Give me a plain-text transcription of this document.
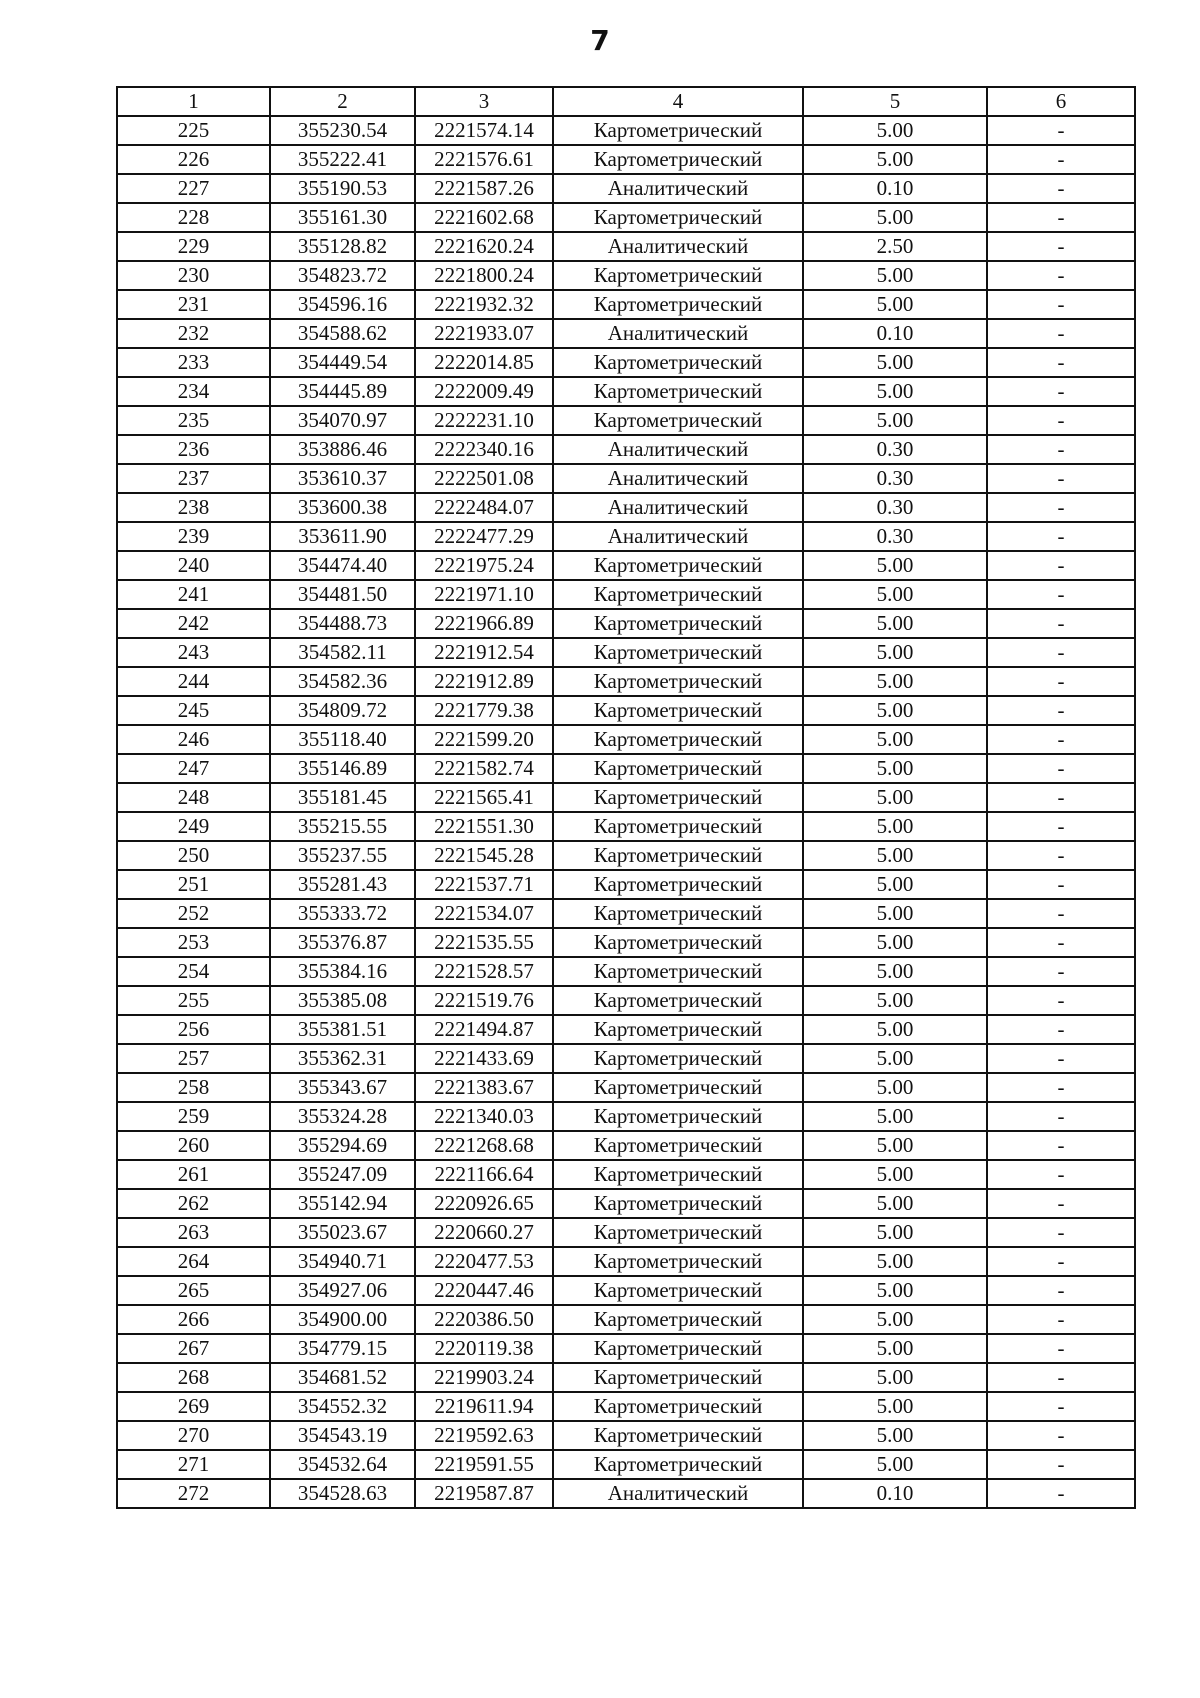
7
1	2	3	4	5	6
225	355230.54	2221574.14	Картометрический	5.00	-
226	355222.41	2221576.61	Картометрический	5.00	-
227	355190.53	2221587.26	Аналитический	0.10	-
228	355161.30	2221602.68	Картометрический	5.00	-
229	355128.82	2221620.24	Аналитический	2.50	-
230	354823.72	2221800.24	Картометрический	5.00	-
231	354596.16	2221932.32	Картометрический	5.00	-
232	354588.62	2221933.07	Аналитический	0.10	-
233	354449.54	2222014.85	Картометрический	5.00	-
234	354445.89	2222009.49	Картометрический	5.00	-
235	354070.97	2222231.10	Картометрический	5.00	-
236	353886.46	2222340.16	Аналитический	0.30	-
237	353610.37	2222501.08	Аналитический	0.30	-
238	353600.38	2222484.07	Аналитический	0.30	-
239	353611.90	2222477.29	Аналитический	0.30	-
240	354474.40	2221975.24	Картометрический	5.00	-
241	354481.50	2221971.10	Картометрический	5.00	-
242	354488.73	2221966.89	Картометрический	5.00	-
243	354582.11	2221912.54	Картометрический	5.00	-
244	354582.36	2221912.89	Картометрический	5.00	-
245	354809.72	2221779.38	Картометрический	5.00	-
246	355118.40	2221599.20	Картометрический	5.00	-
247	355146.89	2221582.74	Картометрический	5.00	-
248	355181.45	2221565.41	Картометрический	5.00	-
249	355215.55	2221551.30	Картометрический	5.00	-
250	355237.55	2221545.28	Картометрический	5.00	-
251	355281.43	2221537.71	Картометрический	5.00	-
252	355333.72	2221534.07	Картометрический	5.00	-
253	355376.87	2221535.55	Картометрический	5.00	-
254	355384.16	2221528.57	Картометрический	5.00	-
255	355385.08	2221519.76	Картометрический	5.00	-
256	355381.51	2221494.87	Картометрический	5.00	-
257	355362.31	2221433.69	Картометрический	5.00	-
258	355343.67	2221383.67	Картометрический	5.00	-
259	355324.28	2221340.03	Картометрический	5.00	-
260	355294.69	2221268.68	Картометрический	5.00	-
261	355247.09	2221166.64	Картометрический	5.00	-
262	355142.94	2220926.65	Картометрический	5.00	-
263	355023.67	2220660.27	Картометрический	5.00	-
264	354940.71	2220477.53	Картометрический	5.00	-
265	354927.06	2220447.46	Картометрический	5.00	-
266	354900.00	2220386.50	Картометрический	5.00	-
267	354779.15	2220119.38	Картометрический	5.00	-
268	354681.52	2219903.24	Картометрический	5.00	-
269	354552.32	2219611.94	Картометрический	5.00	-
270	354543.19	2219592.63	Картометрический	5.00	-
271	354532.64	2219591.55	Картометрический	5.00	-
272	354528.63	2219587.87	Аналитический	0.10	-
